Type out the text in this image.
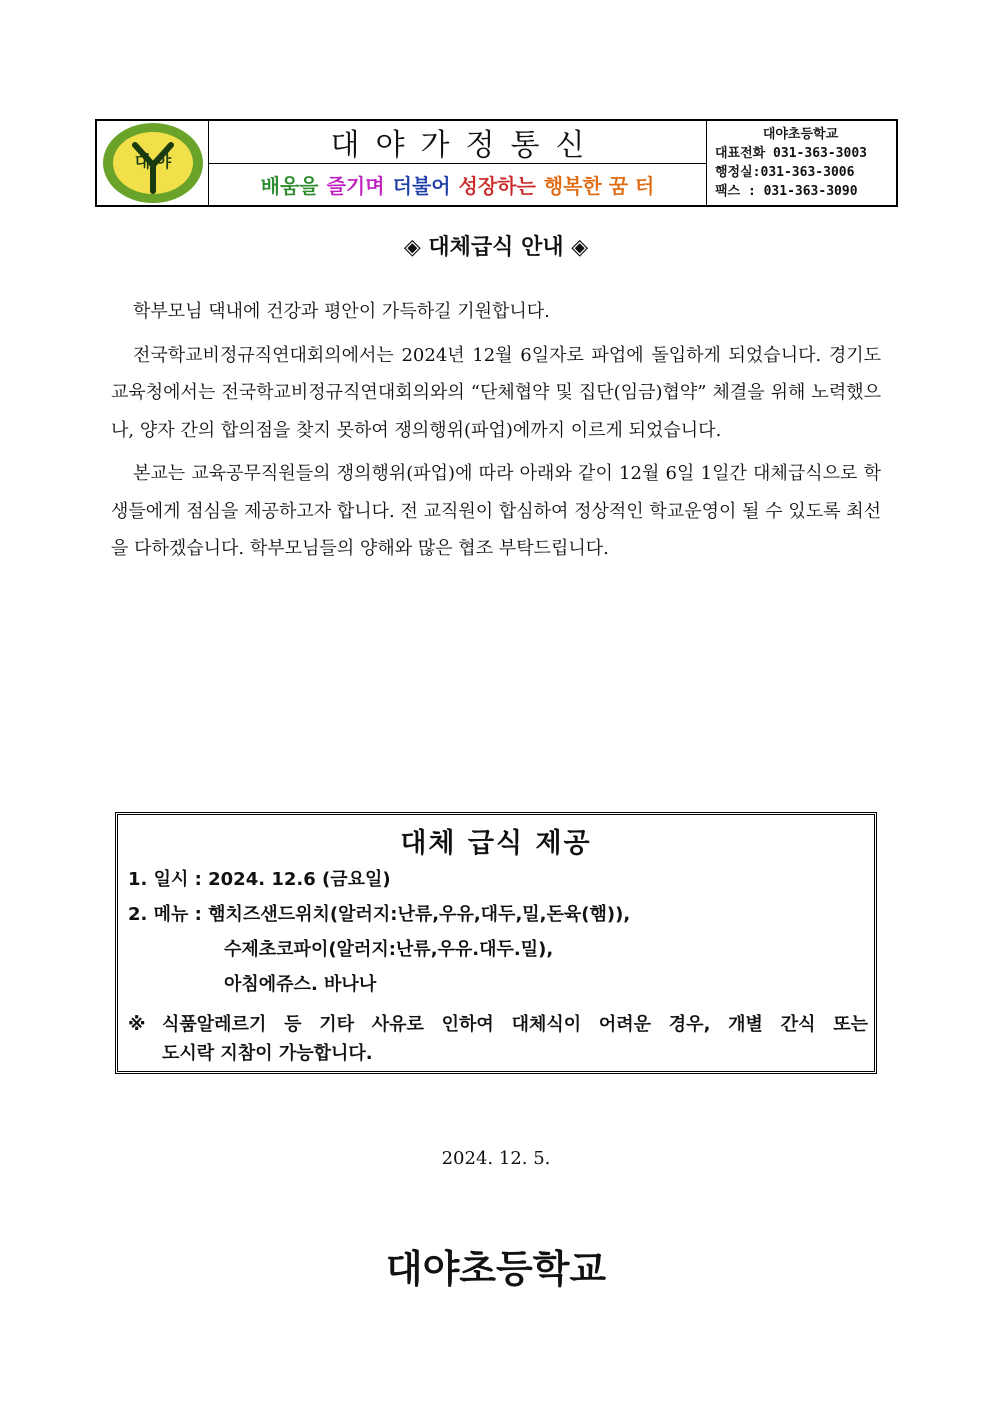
대 야	대야가정통신
배움을 즐기며 더불어 성장하는 행복한 꿈 터
대야초등학교
대표전화 031-363-3003
행정실:031-363-3006
팩스 : 031-363-3090
◈ 대체급식 안내 ◈

학부모님 댁내에 건강과 평안이 가득하길 기원합니다.

전국학교비정규직연대회의에서는 2024년 12월 6일자로 파업에 돌입하게 되었습니다. 경기도교육청에서는 전국학교비정규직연대회의와의 “단체협약 및 집단(임금)협약” 체결을 위해 노력했으나, 양자 간의 합의점을 찾지 못하여 쟁의행위(파업)에까지 이르게 되었습니다.

본교는 교육공무직원들의 쟁의행위(파업)에 따라 아래와 같이 12월 6일 1일간 대체급식으로 학생들에게 점심을 제공하고자 합니다. 전 교직원이 합심하여 정상적인 학교운영이 될 수 있도록 최선을 다하겠습니다. 학부모님들의 양해와 많은 협조 부탁드립니다.

대체 급식 제공
1. 일시 : 2024. 12.6 (금요일)
2. 메뉴 : 햄치즈샌드위치(알러지:난류,우유,대두,밀,돈육(햄)),
수제초코파이(알러지:난류,우유.대두.밀),
아침에쥬스. 바나나
※ 식품알레르기 등 기타 사유로 인하여 대체식이 어려운 경우, 개별 간식 또는
도시락 지참이 가능합니다.
2024. 12. 5.
대야초등학교
